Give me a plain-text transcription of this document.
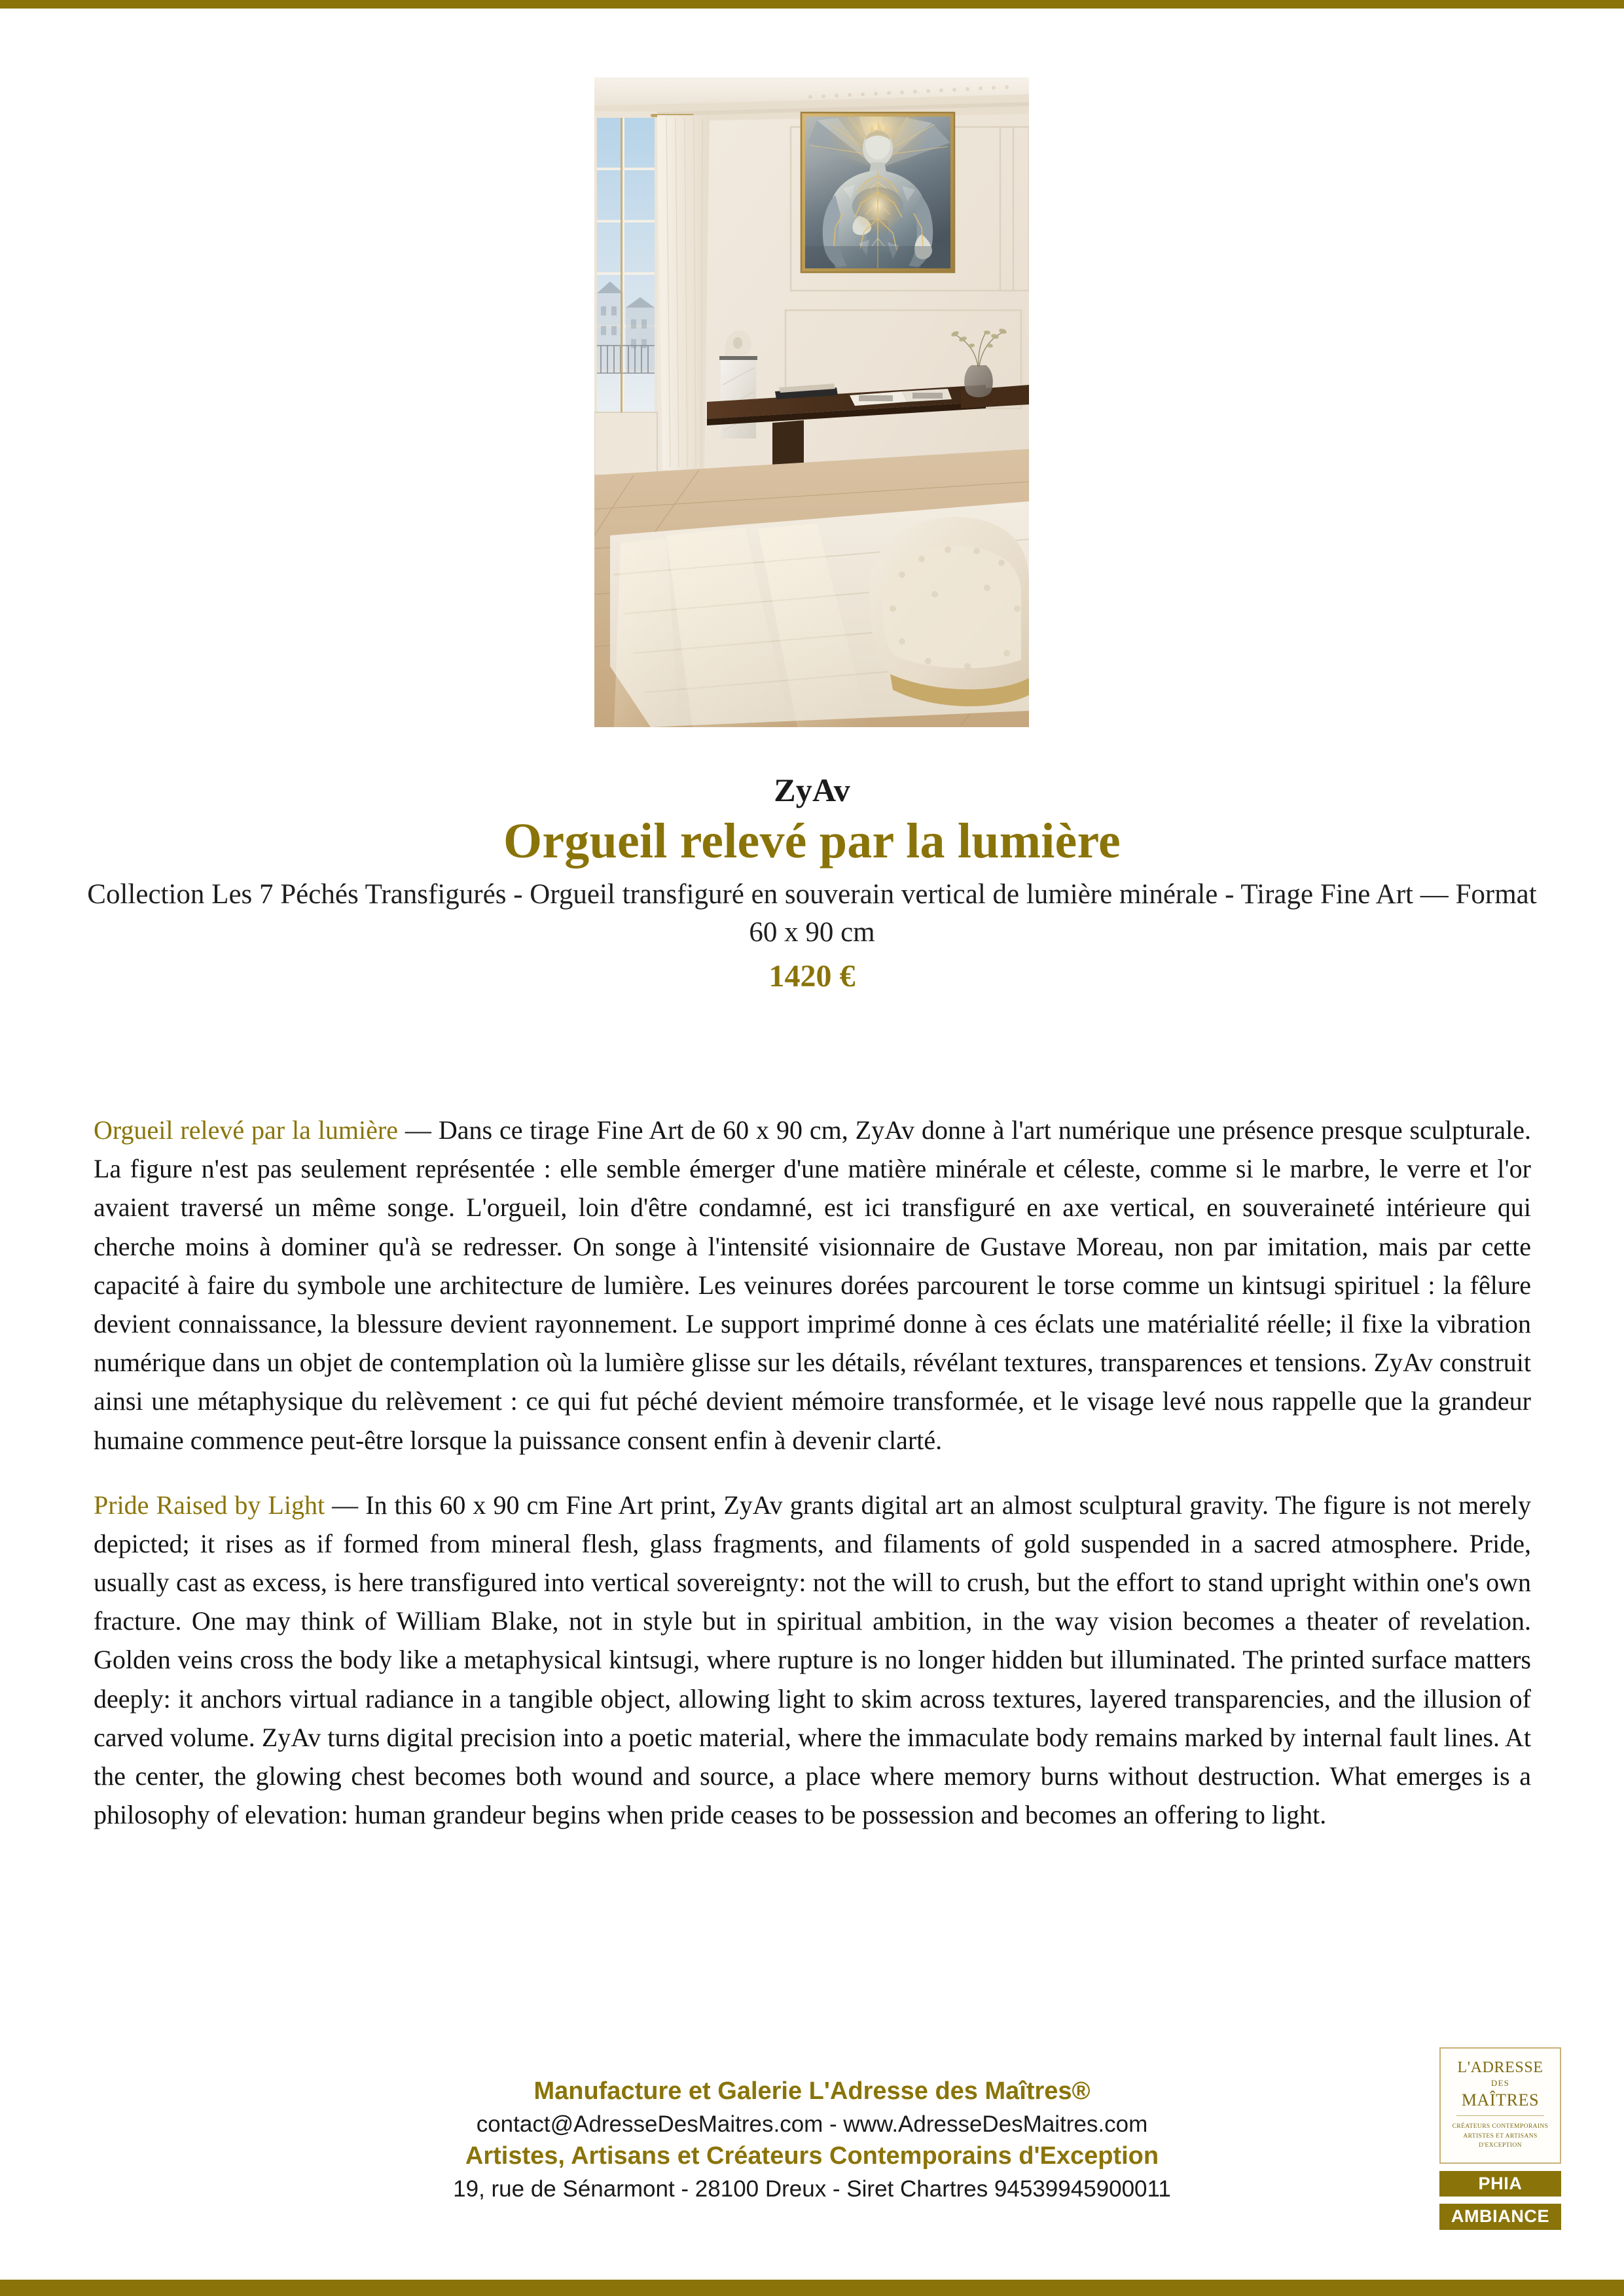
ZyAv
Orgueil relevé par la lumière
Collection Les 7 Péchés Transfigurés - Orgueil transfiguré en souverain vertical de lumière minérale - Tirage Fine Art — Format 60 x 90 cm
1420 €

Orgueil relevé par la lumière — Dans ce tirage Fine Art de 60 x 90 cm, ZyAv donne à l'art numérique une présence presque sculpturale. La figure n'est pas seulement représentée : elle semble émerger d'une matière minérale et céleste, comme si le marbre, le verre et l'or avaient traversé un même songe. L'orgueil, loin d'être condamné, est ici transfiguré en axe vertical, en souveraineté intérieure qui cherche moins à dominer qu'à se redresser. On songe à l'intensité visionnaire de Gustave Moreau, non par imitation, mais par cette capacité à faire du symbole une architecture de lumière. Les veinures dorées parcourent le torse comme un kintsugi spirituel : la fêlure devient connaissance, la blessure devient rayonnement. Le support imprimé donne à ces éclats une matérialité réelle; il fixe la vibration numérique dans un objet de contemplation où la lumière glisse sur les détails, révélant textures, transparences et tensions. ZyAv construit ainsi une métaphysique du relèvement : ce qui fut péché devient mémoire transformée, et le visage levé nous rappelle que la grandeur humaine commence peut-être lorsque la puissance consent enfin à devenir clarté.

Pride Raised by Light — In this 60 x 90 cm Fine Art print, ZyAv grants digital art an almost sculptural gravity. The figure is not merely depicted; it rises as if formed from mineral flesh, glass fragments, and filaments of gold suspended in a sacred atmosphere. Pride, usually cast as excess, is here transfigured into vertical sovereignty: not the will to crush, but the effort to stand upright within one's own fracture. One may think of William Blake, not in style but in spiritual ambition, in the way vision becomes a theater of revelation. Golden veins cross the body like a metaphysical kintsugi, where rupture is no longer hidden but illuminated. The printed surface matters deeply: it anchors virtual radiance in a tangible object, allowing light to skim across textures, layered transparencies, and the illusion of carved volume. ZyAv turns digital precision into a poetic material, where the immaculate body remains marked by internal fault lines. At the center, the glowing chest becomes both wound and source, a place where memory burns without destruction. What emerges is a philosophy of elevation: human grandeur begins when pride ceases to be possession and becomes an offering to light.

Manufacture et Galerie L'Adresse des Maîtres®
contact@AdresseDesMaitres.com - www.AdresseDesMaitres.com
Artistes, Artisans et Créateurs Contemporains d'Exception
19, rue de Sénarmont - 28100 Dreux - Siret Chartres 94539945900011
L'ADRESSE
DES
MAÎTRES
CRÉATEURS CONTEMPORAINS
ARTISTES ET ARTISANS
D'EXCEPTION
PHIA
AMBIANCE
